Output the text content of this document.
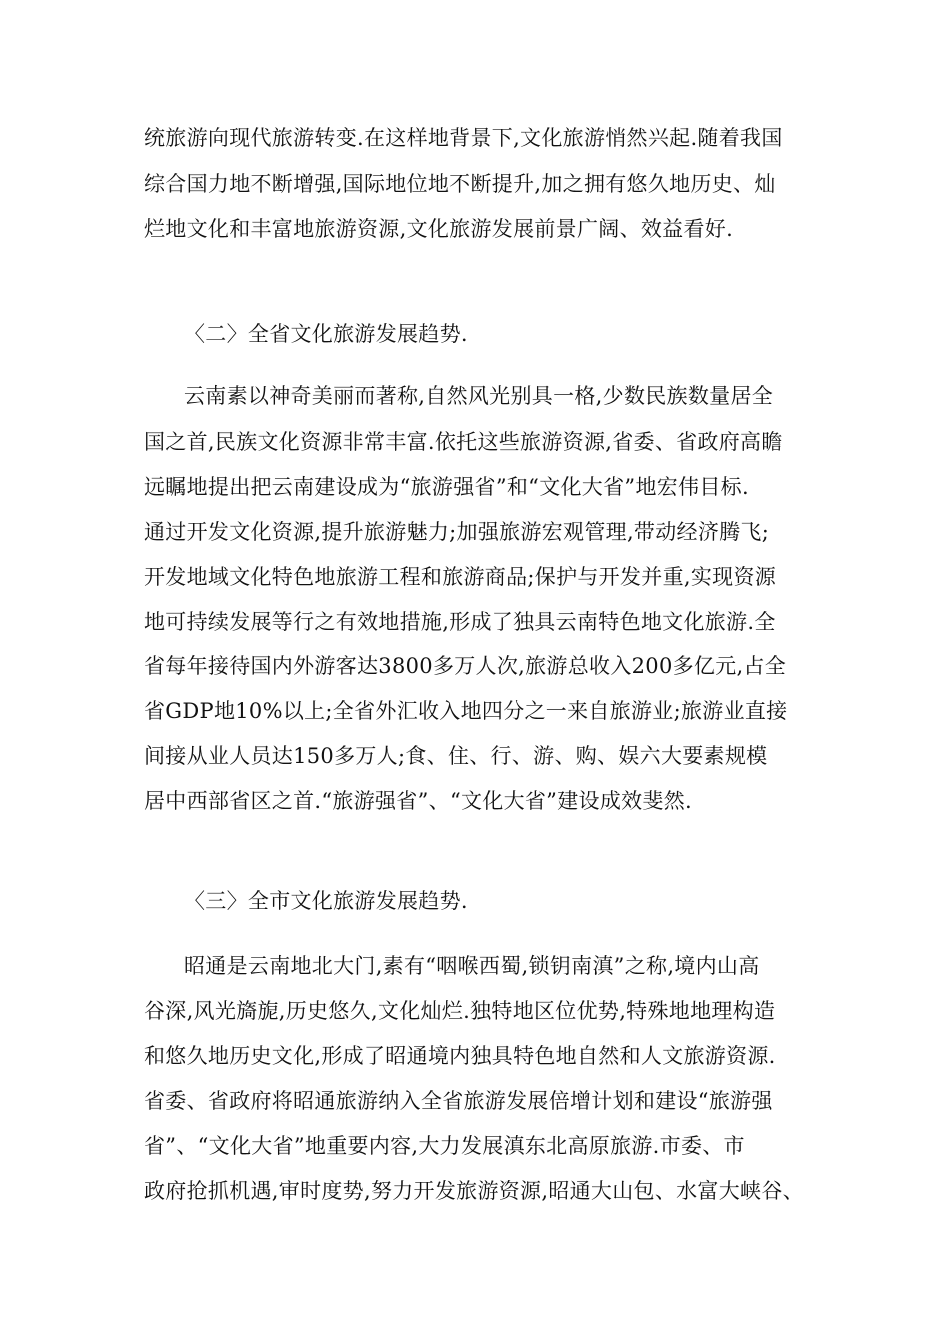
统旅游向现代旅游转变.在这样地背景下,文化旅游悄然兴起.随着我国
综合国力地不断增强,国际地位地不断提升,加之拥有悠久地历史、灿
烂地文化和丰富地旅游资源,文化旅游发展前景广阔、效益看好.
〈二〉全省文化旅游发展趋势.
云南素以神奇美丽而著称,自然风光别具一格,少数民族数量居全
国之首,民族文化资源非常丰富.依托这些旅游资源,省委、省政府高瞻
远瞩地提出把云南建设成为“旅游强省”和“文化大省”地宏伟目标.
通过开发文化资源,提升旅游魅力;加强旅游宏观管理,带动经济腾飞;
开发地域文化特色地旅游工程和旅游商品;保护与开发并重,实现资源
地可持续发展等行之有效地措施,形成了独具云南特色地文化旅游.全
省每年接待国内外游客达3800多万人次,旅游总收入200多亿元,占全
省GDP地10%以上;全省外汇收入地四分之一来自旅游业;旅游业直接
间接从业人员达150多万人;食、住、行、游、购、娱六大要素规模
居中西部省区之首.“旅游强省”、“文化大省”建设成效斐然.
〈三〉全市文化旅游发展趋势.
昭通是云南地北大门,素有“咽喉西蜀,锁钥南滇”之称,境内山高
谷深,风光旖旎,历史悠久,文化灿烂.独特地区位优势,特殊地地理构造
和悠久地历史文化,形成了昭通境内独具特色地自然和人文旅游资源.
省委、省政府将昭通旅游纳入全省旅游发展倍增计划和建设“旅游强
省”、“文化大省”地重要内容,大力发展滇东北高原旅游.市委、市
政府抢抓机遇,审时度势,努力开发旅游资源,昭通大山包、水富大峡谷、
